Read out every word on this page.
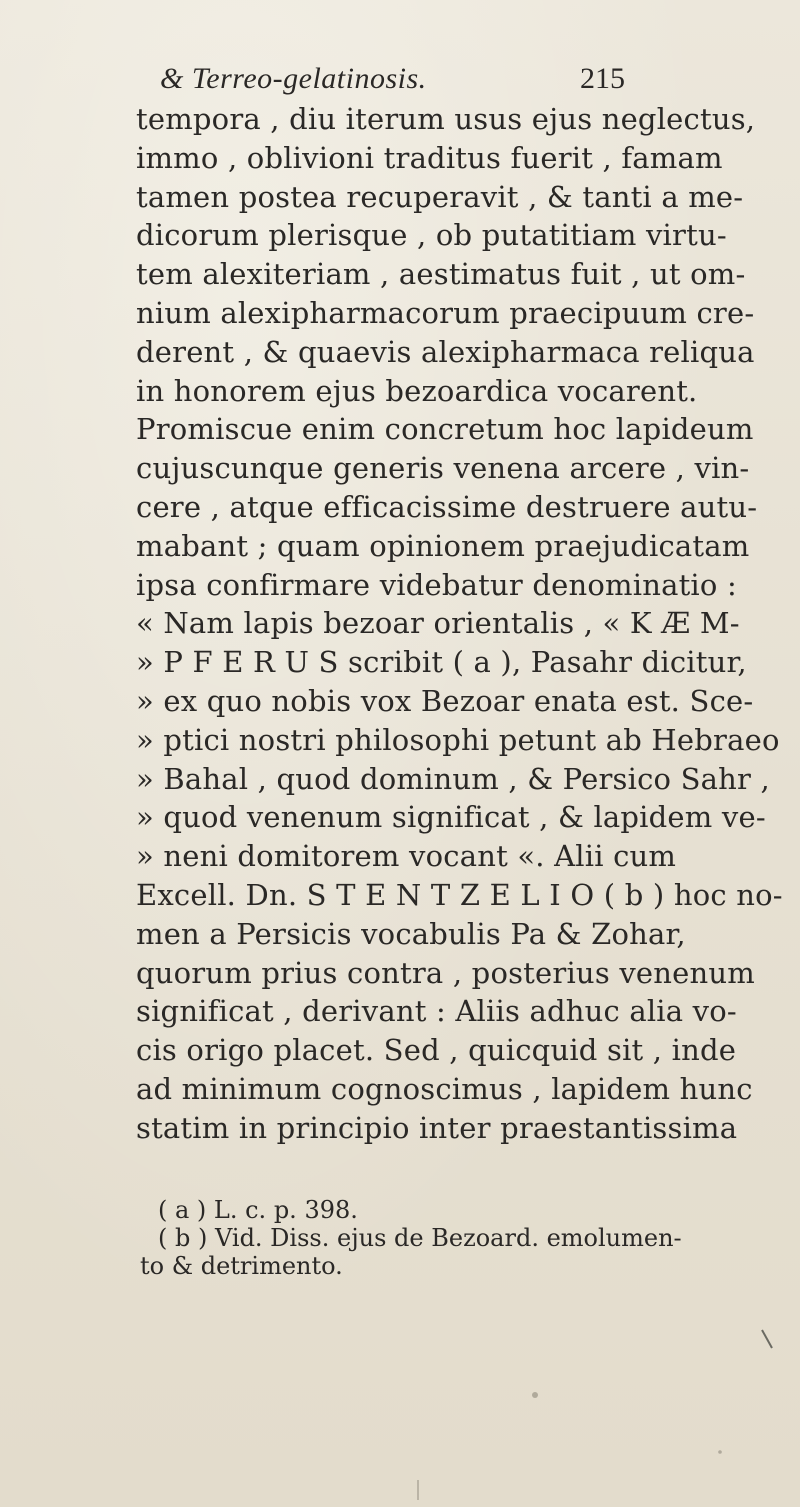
& Terreo-gelatinosis.	215
tempora , diu iterum usus ejus neglectus,
immo , oblivioni traditus fuerit , famam
tamen postea recuperavit , & tanti a me-
dicorum plerisque , ob putatitiam virtu-
tem alexiteriam , aestimatus fuit , ut om-
nium alexipharmacorum praecipuum cre-
derent , & quaevis alexipharmaca reliqua
in honorem ejus bezoardica vocarent.
Promiscue enim concretum hoc lapideum
cujuscunque generis venena arcere , vin-
cere , atque efficacissime destruere autu-
mabant ; quam opinionem praejudicatam
ipsa confirmare videbatur denominatio :
« Nam lapis bezoar orientalis , « K Æ M-
» P F E R U S scribit ( a ), Pasahr dicitur,
» ex quo nobis vox Bezoar enata est. Sce-
» ptici nostri philosophi petunt ab Hebraeo
» Bahal , quod dominum , & Persico Sahr ,
» quod venenum significat , & lapidem ve-
» neni domitorem vocant «. Alii cum
Excell. Dn. S T E N T Z E L I O ( b ) hoc no-
men a Persicis vocabulis Pa & Zohar,
quorum prius contra , posterius venenum
significat , derivant : Aliis adhuc alia vo-
cis origo placet. Sed , quicquid sit , inde
ad minimum cognoscimus , lapidem hunc
statim in principio inter praestantissima
( a ) L. c. p. 398.
( b ) Vid. Diss. ejus de Bezoard. emolumen-
to & detrimento.
